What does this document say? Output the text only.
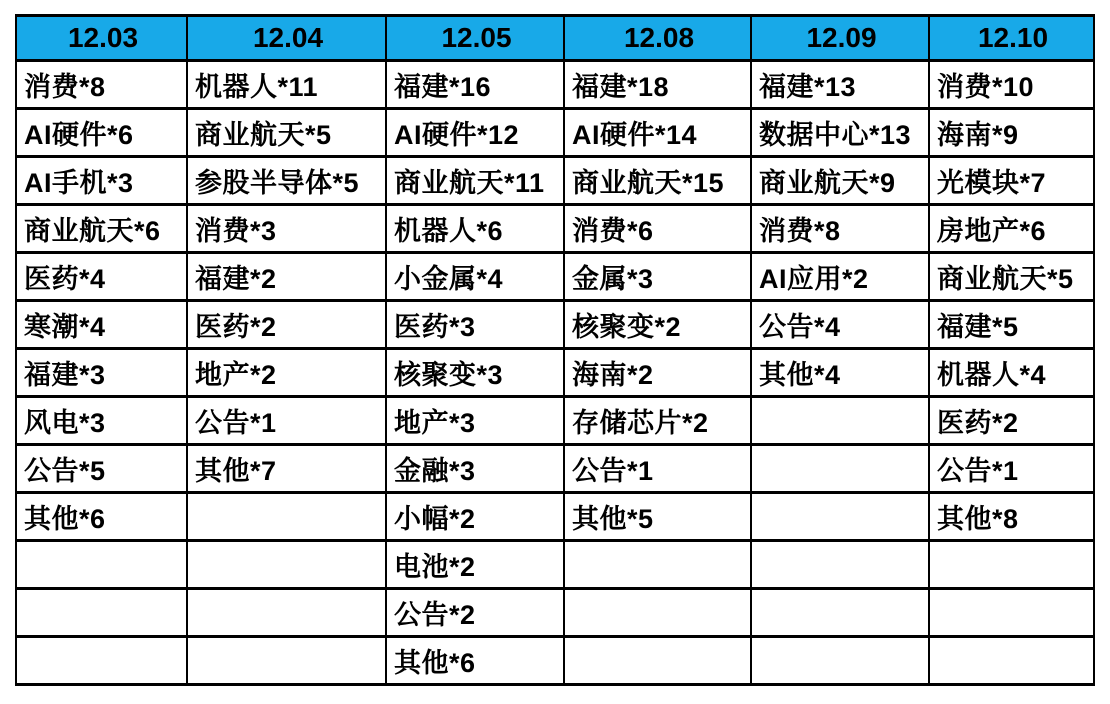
12.03	12.04	12.05	12.08	12.09	12.10
消费*8	机器人*11	福建*16	福建*18	福建*13	消费*10
AI硬件*6	商业航天*5	AI硬件*12	AI硬件*14	数据中心*13	海南*9
AI手机*3	参股半导体*5	商业航天*11	商业航天*15	商业航天*9	光模块*7
商业航天*6	消费*3	机器人*6	消费*6	消费*8	房地产*6
医药*4	福建*2	小金属*4	金属*3	AI应用*2	商业航天*5
寒潮*4	医药*2	医药*3	核聚变*2	公告*4	福建*5
福建*3	地产*2	核聚变*3	海南*2	其他*4	机器人*4
风电*3	公告*1	地产*3	存储芯片*2		医药*2
公告*5	其他*7	金融*3	公告*1		公告*1
其他*6		小幅*2	其他*5		其他*8
		电池*2			
		公告*2			
		其他*6			
